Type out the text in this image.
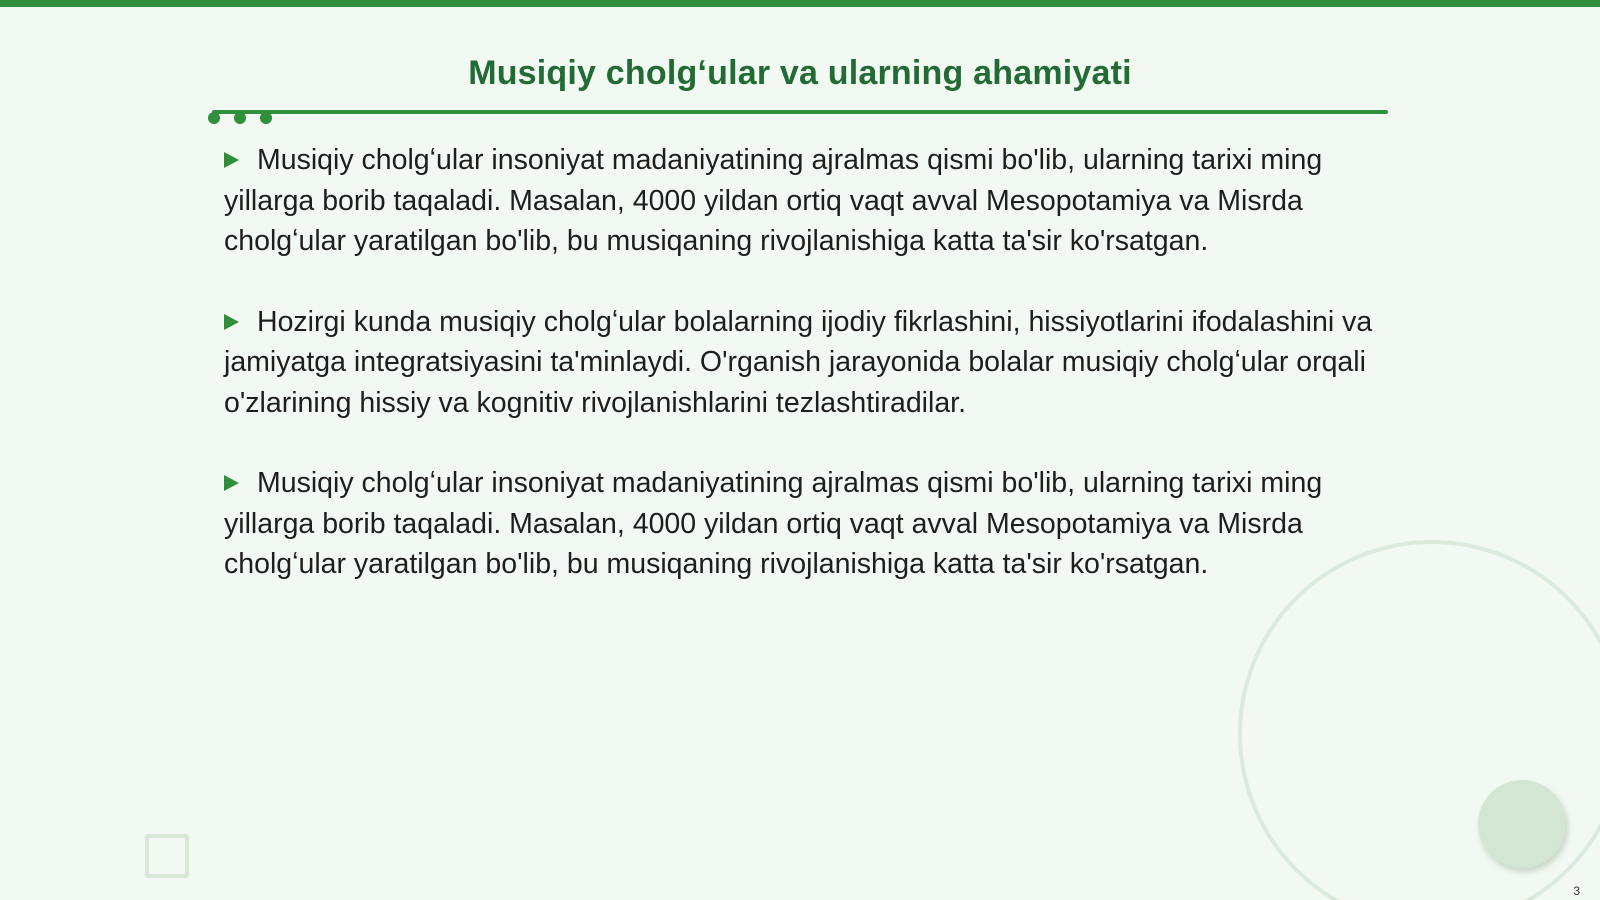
Musiqiy cholgʻular va ularning ahamiyati

Musiqiy cholgʻular insoniyat madaniyatining ajralmas qismi bo'lib, ularning tarixi ming yillarga borib taqaladi. Masalan, 4000 yildan ortiq vaqt avval Mesopotamiya va Misrda cholgʻular yaratilgan bo'lib, bu musiqaning rivojlanishiga katta ta'sir ko'rsatgan.

Hozirgi kunda musiqiy cholgʻular bolalarning ijodiy fikrlashini, hissiyotlarini ifodalashini va jamiyatga integratsiyasini ta'minlaydi. O'rganish jarayonida bolalar musiqiy cholgʻular orqali o'zlarining hissiy va kognitiv rivojlanishlarini tezlashtiradilar.

Musiqiy cholgʻular insoniyat madaniyatining ajralmas qismi bo'lib, ularning tarixi ming yillarga borib taqaladi. Masalan, 4000 yildan ortiq vaqt avval Mesopotamiya va Misrda cholgʻular yaratilgan bo'lib, bu musiqaning rivojlanishiga katta ta'sir ko'rsatgan.

3
